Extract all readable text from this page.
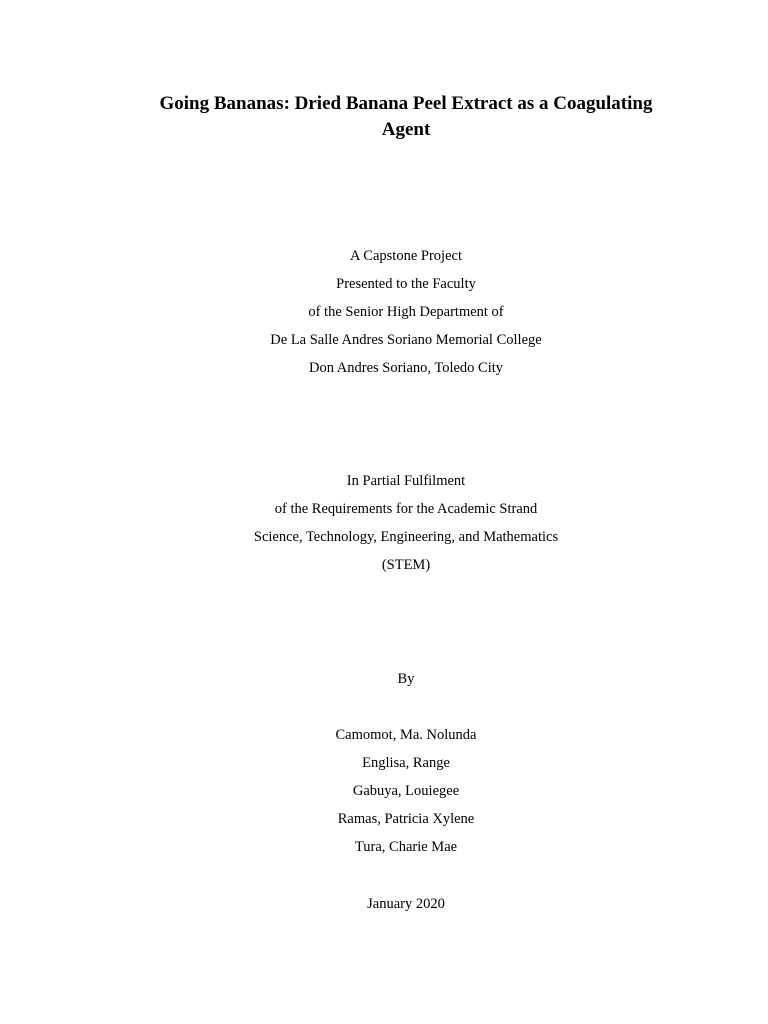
Going Bananas: Dried Banana Peel Extract as a Coagulating
Agent
A Capstone Project
Presented to the Faculty
of the Senior High Department of
De La Salle Andres Soriano Memorial College
Don Andres Soriano, Toledo City
In Partial Fulfilment
of the Requirements for the Academic Strand
Science, Technology, Engineering, and Mathematics
(STEM)
By
Camomot, Ma. Nolunda
Englisa, Range
Gabuya, Louiegee
Ramas, Patricia Xylene
Tura, Charie Mae
January 2020
